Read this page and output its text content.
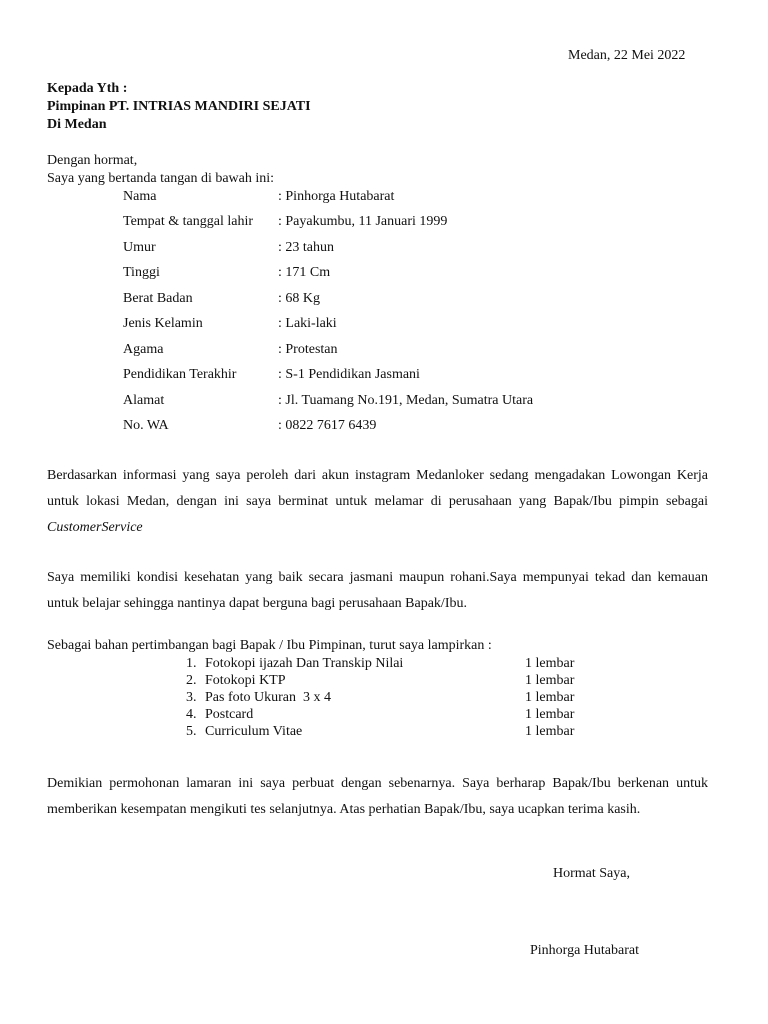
Medan, 22 Mei 2022
Kepada Yth :
Pimpinan PT. INTRIAS MANDIRI SEJATI
Di Medan
Dengan hormat,
Saya yang bertanda tangan di bawah ini:
Nama	: Pinhorga Hutabarat
Tempat & tanggal lahir : Payakumbu, 11 Januari 1999
Umur	: 23 tahun
Tinggi	: 171 Cm
Berat Badan	: 68 Kg
Jenis Kelamin	: Laki-laki
Agama	: Protestan
Pendidikan Terakhir	: S-1 Pendidikan Jasmani
Alamat	: Jl. Tuamang No.191, Medan, Sumatra Utara
No. WA	: 0822 7617 6439
Berdasarkan informasi yang saya peroleh dari akun instagram Medanloker sedang mengadakan Lowongan Kerja untuk lokasi Medan, dengan ini saya berminat untuk melamar di perusahaan yang Bapak/Ibu pimpin sebagai CustomerService
Saya memiliki kondisi kesehatan yang baik secara jasmani maupun rohani.Saya mempunyai tekad dan kemauan untuk belajar sehingga nantinya dapat berguna bagi perusahaan Bapak/Ibu.
Sebagai bahan pertimbangan bagi Bapak / Ibu Pimpinan, turut saya lampirkan :
1. Fotokopi ijazah Dan Transkip Nilai	1 lembar
2. Fotokopi KTP	1 lembar
3. Pas foto Ukuran  3 x 4	1 lembar
4. Postcard	1 lembar
5. Curriculum Vitae	1 lembar
Demikian permohonan lamaran ini saya perbuat dengan sebenarnya. Saya berharap Bapak/Ibu berkenan untuk memberikan kesempatan mengikuti tes selanjutnya. Atas perhatian Bapak/Ibu, saya ucapkan terima kasih.
Hormat Saya,
Pinhorga Hutabarat
